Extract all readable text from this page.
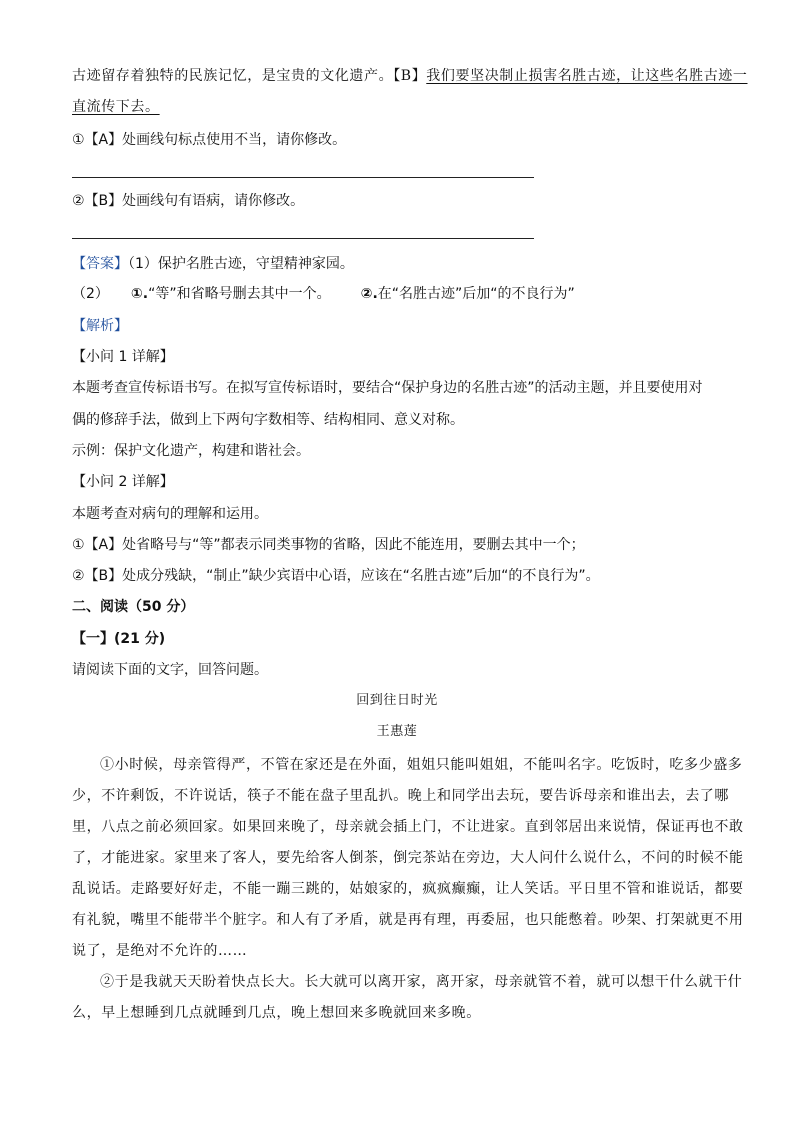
古迹留存着独特的民族记忆，是宝贵的文化遗产。【B】我们要坚决制止损害名胜古迹，让这些名胜古迹一
直流传下去。
①【A】处画线句标点使用不当，请你修改。
②【B】处画线句有语病，请你修改。
【答案】（1）保护名胜古迹，守望精神家园。
（2） ①.“等”和省略号删去其中一个。 ②.在“名胜古迹”后加“的不良行为”
【解析】
【小问 1 详解】
本题考查宣传标语书写。在拟写宣传标语时，要结合“保护身边的名胜古迹”的活动主题，并且要使用对
偶的修辞手法，做到上下两句字数相等、结构相同、意义对称。
示例：保护文化遗产，构建和谐社会。
【小问 2 详解】
本题考查对病句的理解和运用。
①【A】处省略号与“等”都表示同类事物的省略，因此不能连用，要删去其中一个；
②【B】处成分残缺，“制止”缺少宾语中心语，应该在“名胜古迹”后加“的不良行为”。
二、阅读（50 分）
【一】(21 分)
请阅读下面的文字，回答问题。
回到往日时光
王惠莲
①小时候，母亲管得严，不管在家还是在外面，姐姐只能叫姐姐，不能叫名字。吃饭时，吃多少盛多
少，不许剩饭，不许说话，筷子不能在盘子里乱扒。晚上和同学出去玩，要告诉母亲和谁出去，去了哪
里，八点之前必须回家。如果回来晚了，母亲就会插上门，不让进家。直到邻居出来说情，保证再也不敢
了，才能进家。家里来了客人，要先给客人倒茶，倒完茶站在旁边，大人问什么说什么，不问的时候不能
乱说话。走路要好好走，不能一蹦三跳的，姑娘家的，疯疯癫癫，让人笑话。平日里不管和谁说话，都要
有礼貌，嘴里不能带半个脏字。和人有了矛盾，就是再有理，再委屈，也只能憋着。吵架、打架就更不用
说了，是绝对不允许的……
②于是我就天天盼着快点长大。长大就可以离开家，离开家，母亲就管不着，就可以想干什么就干什
么，早上想睡到几点就睡到几点，晚上想回来多晚就回来多晚。
